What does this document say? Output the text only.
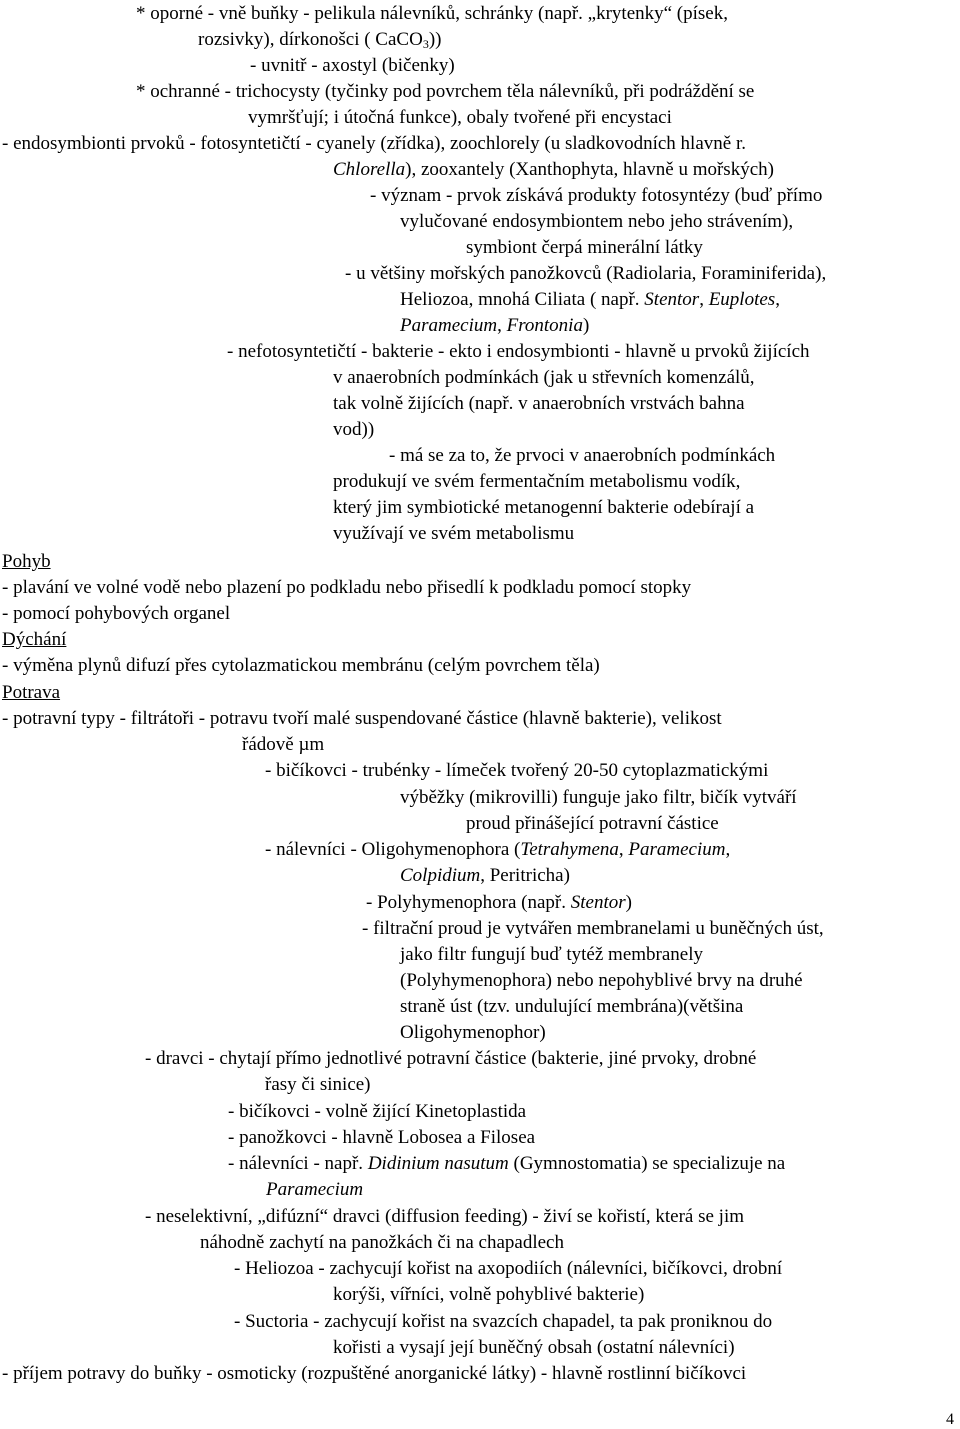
* oporné - vně buňky - pelikula nálevníků, schránky (např. „krytenky“ (písek,
rozsivky), dírkonošci ( CaCO$_3$))
- uvnitř - axostyl (bičenky)
* ochranné - trichocysty (tyčinky pod povrchem těla nálevníků, při podráždění se
vymršťují; i útočná funkce), obaly tvořené při encystaci
- endosymbionti prvoků - fotosyntetičtí - cyanely (zřídka), zoochlorely (u sladkovodních hlavně r.
Chlorella), zooxantely (Xanthophyta, hlavně u mořských)
- význam - prvok získává produkty fotosyntézy (buď přímo
vylučované endosymbiontem nebo jeho strávením),
symbiont čerpá minerální látky
- u většiny mořských panožkovců (Radiolaria, Foraminiferida),
Heliozoa, mnohá Ciliata ( např. Stentor, Euplotes,
Paramecium, Frontonia)
- nefotosyntetičtí - bakterie - ekto i endosymbionti - hlavně u prvoků žijících
v anaerobních podmínkách (jak u střevních komenzálů,
tak volně žijících (např. v anaerobních vrstvách bahna
vod))
- má se za to, že prvoci v anaerobních podmínkách
produkují ve svém fermentačním metabolismu vodík,
který jim symbiotické metanogenní bakterie odebírají a
využívají ve svém metabolismu
Pohyb
- plavání ve volné vodě nebo plazení po podkladu nebo přisedlí k podkladu pomocí stopky
- pomocí pohybových organel
Dýchání
- výměna plynů difuzí přes cytolazmatickou membránu (celým povrchem těla)
Potrava
- potravní typy - filtrátoři - potravu tvoří malé suspendované částice (hlavně bakterie), velikost
řádově µm
- bičíkovci - trubénky - límeček tvořený 20-50 cytoplazmatickými
výběžky (mikrovilli) funguje jako filtr, bičík vytváří
proud přinášející potravní částice
- nálevníci - Oligohymenophora (Tetrahymena, Paramecium,
Colpidium, Peritricha)
- Polyhymenophora (např. Stentor)
- filtrační proud je vytvářen membranelami u buněčných úst,
jako filtr fungují buď tytéž membranely
(Polyhymenophora) nebo nepohyblivé brvy na druhé
straně úst (tzv. undulující membrána)(většina
Oligohymenophor)
- dravci - chytají přímo jednotlivé potravní částice (bakterie, jiné prvoky, drobné
řasy či sinice)
- bičíkovci - volně žijící Kinetoplastida
- panožkovci - hlavně Lobosea a Filosea
- nálevníci - např. Didinium nasutum (Gymnostomatia) se specializuje na
Paramecium
- neselektivní, „difúzní“ dravci (diffusion feeding) - živí se kořistí, která se jim
náhodně zachytí na panožkách či na chapadlech
- Heliozoa - zachycují kořist na axopodiích (nálevníci, bičíkovci, drobní
korýši, vířníci, volně pohyblivé bakterie)
- Suctoria - zachycují kořist na svazcích chapadel, ta pak proniknou do
kořisti a vysají její buněčný obsah (ostatní nálevníci)
- příjem potravy do buňky - osmoticky (rozpuštěné anorganické látky) - hlavně rostlinní bičíkovci
4
